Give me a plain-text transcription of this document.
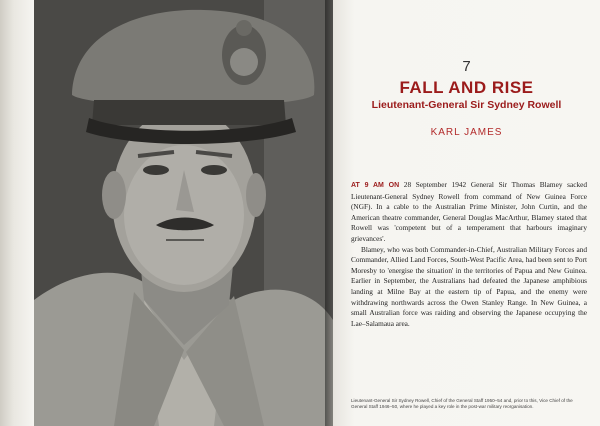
7
FALL AND RISE
Lieutenant-General Sir Sydney Rowell
KARL JAMES

AT 9 AM ON 28 September 1942 General Sir Thomas Blamey sacked Lieutenant-General Sydney Rowell from command of New Guinea Force (NGF). In a cable to the Australian Prime Minister, John Curtin, and the American theatre commander, General Douglas MacArthur, Blamey stated that Rowell was 'competent but of a temperament that harbours imaginary grievances'.

Blamey, who was both Commander-in-Chief, Australian Military Forces and Commander, Allied Land Forces, South-West Pacific Area, had been sent to Port Moresby to 'energise the situation' in the territories of Papua and New Guinea. Earlier in September, the Australians had defeated the Japanese amphibious landing at Milne Bay at the eastern tip of Papua, and the enemy were withdrawing northwards across the Owen Stanley Range. In New Guinea, a small Australian force was raiding and observing the Japanese occupying the Lae–Salamaua area.

Lieutenant-General Sir Sydney Rowell, Chief of the General Staff 1950–54 and, prior to this, Vice Chief of the General Staff 1946–50, where he played a key role in the post-war military reorganisation.
